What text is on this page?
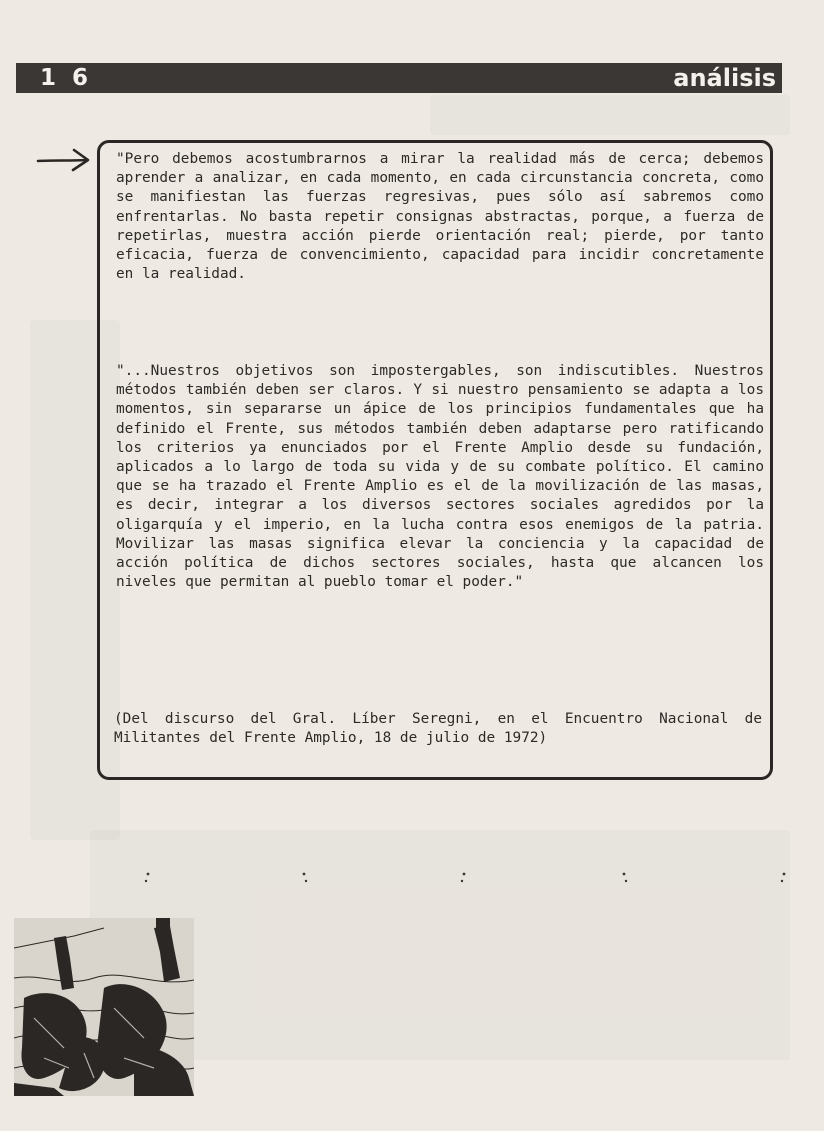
1 6	análisis

"Pero debemos acostumbrarnos a mirar la realidad más de cerca; debemos aprender a analizar, en cada momento, en cada circunstancia concreta, como se manifiestan las fuerzas regresivas, pues sólo así sabremos como enfrentarlas. No basta repetir consignas abstractas, porque, a fuerza de repetirlas, muestra acción pierde orientación real; pierde, por tanto eficacia, fuerza de convencimiento, capacidad para incidir concretamente en la realidad.

"...Nuestros objetivos son impostergables, son indiscutibles. Nuestros métodos también deben ser claros. Y si nuestro pensamiento se adapta a los momentos, sin separarse un ápice de los principios fundamentales que ha definido el Frente, sus métodos también deben adaptarse pero ratificando los criterios ya enunciados por el Frente Amplio desde su fundación, aplicados a lo largo de toda su vida y de su combate político. El camino que se ha trazado el Frente Amplio es el de la movilización de las masas, es decir, integrar a los diversos sectores sociales agredidos por la oligarquía y el imperio, en la lucha contra esos enemigos de la patria. Movilizar las masas significa elevar la conciencia y la capacidad de acción política de dichos sectores sociales, hasta que alcancen los niveles que permitan al pueblo tomar el poder."

(Del discurso del Gral. Líber Seregni, en el Encuentro Nacional de Militantes del Frente Amplio, 18 de julio de 1972)
